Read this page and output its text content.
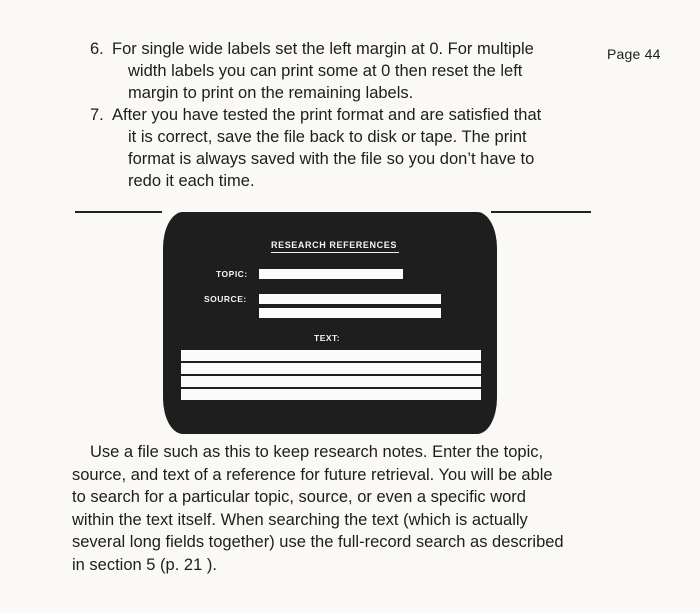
Page 44
6. For single wide labels set the left margin at 0. For multiple
width labels you can print some at 0 then reset the left
margin to print on the remaining labels.
7. After you have tested the print format and are satisfied that
it is correct, save the file back to disk or tape. The print
format is always saved with the file so you don’t have to
redo it each time.
RESEARCH REFERENCES
TOPIC:
SOURCE:
TEXT:

Use a file such as this to keep research notes. Enter the topic,
source, and text of a reference for future retrieval. You will be able
to search for a particular topic, source, or even a specific word
within the text itself. When searching the text (which is actually
several long fields together) use the full-record search as described
in section 5 (p. 21 ).
